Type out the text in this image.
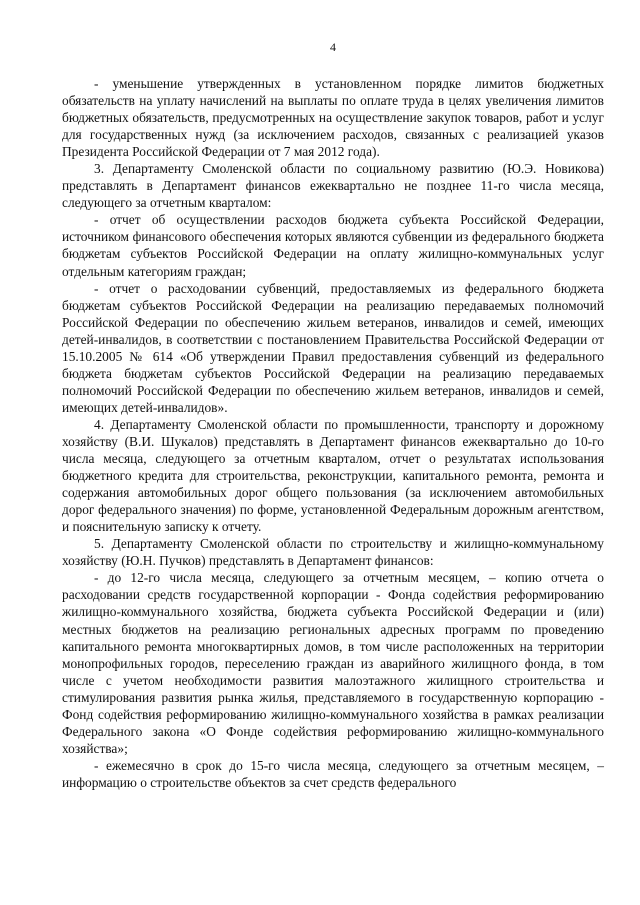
4

- уменьшение утвержденных в установленном порядке лимитов бюджетных обязательств на уплату начислений на выплаты по оплате труда в целях увеличения лимитов бюджетных обязательств, предусмотренных на осуществление закупок товаров, работ и услуг для государственных нужд (за исключением расходов, связанных с реализацией указов Президента Российской Федерации от 7 мая 2012 года).

3. Департаменту Смоленской области по социальному развитию (Ю.Э. Новикова) представлять в Департамент финансов ежеквартально не позднее 11-го числа месяца, следующего за отчетным кварталом:

- отчет об осуществлении расходов бюджета субъекта Российской Федерации, источником финансового обеспечения которых являются субвенции из федерального бюджета бюджетам субъектов Российской Федерации на оплату жилищно-коммунальных услуг отдельным категориям граждан;

- отчет о расходовании субвенций, предоставляемых из федерального бюджета бюджетам субъектов Российской Федерации на реализацию передаваемых полномочий Российской Федерации по обеспечению жильем ветеранов, инвалидов и семей, имеющих детей-инвалидов, в соответствии с постановлением Правительства Российской Федерации от 15.10.2005 № 614 «Об утверждении Правил предоставления субвенций из федерального бюджета бюджетам субъектов Российской Федерации на реализацию передаваемых полномочий Российской Федерации по обеспечению жильем ветеранов, инвалидов и семей, имеющих детей-инвалидов».

4. Департаменту Смоленской области по промышленности, транспорту и дорожному хозяйству (В.И. Шукалов) представлять в Департамент финансов ежеквартально до 10-го числа месяца, следующего за отчетным кварталом, отчет о результатах использования бюджетного кредита для строительства, реконструкции, капитального ремонта, ремонта и содержания автомобильных дорог общего пользования (за исключением автомобильных дорог федерального значения) по форме, установленной Федеральным дорожным агентством, и пояснительную записку к отчету.

5. Департаменту Смоленской области по строительству и жилищно-коммунальному хозяйству (Ю.Н. Пучков) представлять в Департамент финансов:

- до 12-го числа месяца, следующего за отчетным месяцем, – копию отчета о расходовании средств государственной корпорации - Фонда содействия реформированию жилищно-коммунального хозяйства, бюджета субъекта Российской Федерации и (или) местных бюджетов на реализацию региональных адресных программ по проведению капитального ремонта многоквартирных домов, в том числе расположенных на территории монопрофильных городов, переселению граждан из аварийного жилищного фонда, в том числе с учетом необходимости развития малоэтажного жилищного строительства и стимулирования развития рынка жилья, представляемого в государственную корпорацию - Фонд содействия реформированию жилищно-коммунального хозяйства в рамках реализации Федерального закона «О Фонде содействия реформированию жилищно-коммунального хозяйства»;

- ежемесячно в срок до 15-го числа месяца, следующего за отчетным месяцем, – информацию о строительстве объектов за счет средств федерального
